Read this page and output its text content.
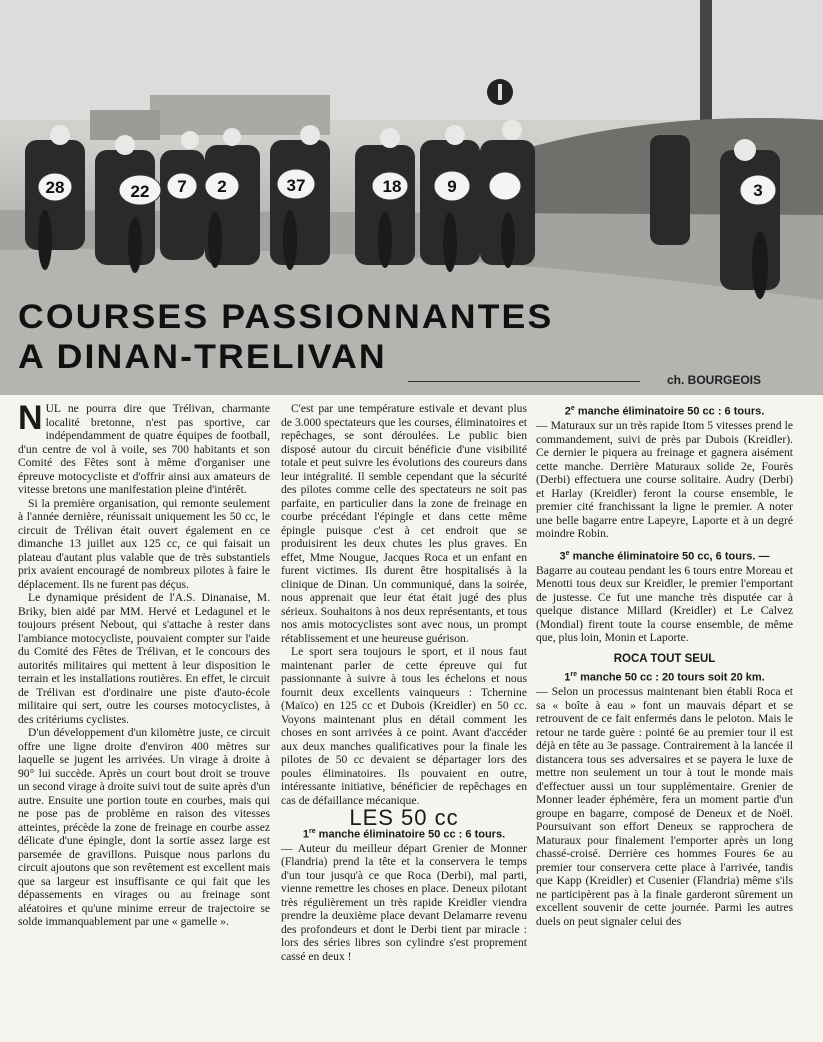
28	22 7 2	37	18	9	3
COURSES PASSIONNANTES
A DINAN-TRELIVAN
ch. BOURGEOIS

NUL ne pourra dire que Trélivan, charmante localité bretonne, n'est pas sportive, car indépendamment de quatre équipes de football, d'un centre de vol à voile, ses 700 habitants et son Comité des Fêtes sont à même d'organiser une épreuve motocycliste et d'offrir ainsi aux amateurs de vitesse bretons une manifestation pleine d'intérêt.

Si la première organisation, qui remonte seulement à l'année dernière, réunissait uniquement les 50 cc, le circuit de Trélivan était ouvert également en ce dimanche 13 juillet aux 125 cc, ce qui faisait un plateau d'autant plus valable que de très substantiels prix avaient encouragé de nombreux pilotes à faire le déplacement. Ils ne furent pas déçus.

Le dynamique président de l'A.S. Dinanaise, M. Briky, bien aidé par MM. Hervé et Ledagunel et le toujours présent Nebout, qui s'attache à rester dans l'ambiance motocycliste, pouvaient compter sur l'aide du Comité des Fêtes de Trélivan, et le concours des autorités militaires qui mettent à leur disposition le terrain et les installations routières. En effet, le circuit de Trélivan est d'ordinaire une piste d'auto-école militaire qui sert, outre les courses motocyclistes, à des critériums cyclistes.

D'un développement d'un kilomètre juste, ce circuit offre une ligne droite d'environ 400 mètres sur laquelle se jugent les arrivées. Un virage à droite à 90° lui succède. Après un court bout droit se trouve un second virage à droite suivi tout de suite après d'un autre. Ensuite une portion toute en courbes, mais qui ne pose pas de problème en raison des vitesses atteintes, précède la zone de freinage en courbe assez délicate d'une épingle, dont la sortie assez large est parsemée de gravillons. Puisque nous parlons du circuit ajoutons que son revêtement est excellent mais que sa largeur est insuffisante ce qui fait que les dépassements en virages ou au freinage sont aléatoires et qu'une minime erreur de trajectoire se solde immanquablement par une « gamelle ».

C'est par une température estivale et devant plus de 3.000 spectateurs que les courses, éliminatoires et repêchages, se sont déroulées. Le public bien disposé autour du circuit bénéficie d'une visibilité totale et peut suivre les évolutions des coureurs dans leur intégralité. Il semble cependant que la sécurité des pilotes comme celle des spectateurs ne soit pas parfaite, en particulier dans la zone de freinage en courbe précédant l'épingle et dans cette même épingle puisque c'est à cet endroit que se produisirent les deux chutes les plus graves. En effet, Mme Nougue, Jacques Roca et un enfant en furent victimes. Ils durent être hospitalisés à la clinique de Dinan. Un communiqué, dans la soirée, nous apprenait que leur état était jugé des plus sérieux. Souhaitons à nos deux représentants, et tous nos amis motocyclistes sont avec nous, un prompt rétablissement et une heureuse guérison.

Le sport sera toujours le sport, et il nous faut maintenant parler de cette épreuve qui fut passionnante à suivre à tous les échelons et nous fournit deux excellents vainqueurs : Tchernine (Maïco) en 125 cc et Dubois (Kreidler) en 50 cc. Voyons maintenant plus en détail comment les choses en sont arrivées à ce point. Avant d'accéder aux deux manches qualificatives pour la finale les pilotes de 50 cc devaient se départager lors des poules éliminatoires. Ils pouvaient en outre, intéressante initiative, bénéficier de repêchages en cas de défaillance mécanique.

LES 50 cc
1re manche éliminatoire 50 cc : 6 tours.

— Auteur du meilleur départ Grenier de Monner (Flandria) prend la tête et la conservera le temps d'un tour jusqu'à ce que Roca (Derbi), mal parti, vienne remettre les choses en place. Deneux pilotant très régulièrement un très rapide Kreidler viendra prendre la deuxième place devant Delamarre revenu des profondeurs et dont le Derbi tient par miracle : lors des séries libres son cylindre s'est proprement cassé en deux !

2e manche éliminatoire 50 cc : 6 tours.

— Maturaux sur un très rapide Itom 5 vitesses prend le commandement, suivi de près par Dubois (Kreidler). Ce dernier le piquera au freinage et gagnera aisément cette manche. Derrière Maturaux solide 2e, Fourès (Derbi) effectuera une course solitaire. Audry (Derbi) et Harlay (Kreidler) feront la course ensemble, le premier cité franchissant la ligne le premier. A noter une belle bagarre entre Lapeyre, Laporte et à un degré moindre Robin.

3e manche éliminatoire 50 cc, 6 tours. —

Bagarre au couteau pendant les 6 tours entre Moreau et Menotti tous deux sur Kreidler, le premier l'emportant de justesse. Ce fut une manche très disputée car à quelque distance Millard (Kreidler) et Le Calvez (Mondial) firent toute la course ensemble, de même que, plus loin, Monin et Laporte.

ROCA TOUT SEUL
1re manche 50 cc : 20 tours soit 20 km.

— Selon un processus maintenant bien établi Roca et sa « boîte à eau » font un mauvais départ et se retrouvent de ce fait enfermés dans le peloton. Mais le retour ne tarde guère : pointé 6e au premier tour il est déjà en tête au 3e passage. Contrairement à la lancée il distancera tous ses adversaires et se payera le luxe de mettre non seulement un tour à tout le monde mais d'effectuer aussi un tour supplémentaire. Grenier de Monner leader éphémère, fera un moment partie d'un groupe en bagarre, composé de Deneux et de Noël. Poursuivant son effort Deneux se rapprochera de Maturaux pour finalement l'emporter après un long chassé-croisé. Derrière ces hommes Foures 6e au premier tour conservera cette place à l'arrivée, tandis que Kapp (Kreidler) et Cusenier (Flandria) même s'ils ne participèrent pas à la finale garderont sûrement un excellent souvenir de cette journée. Parmi les autres duels on peut signaler celui des
